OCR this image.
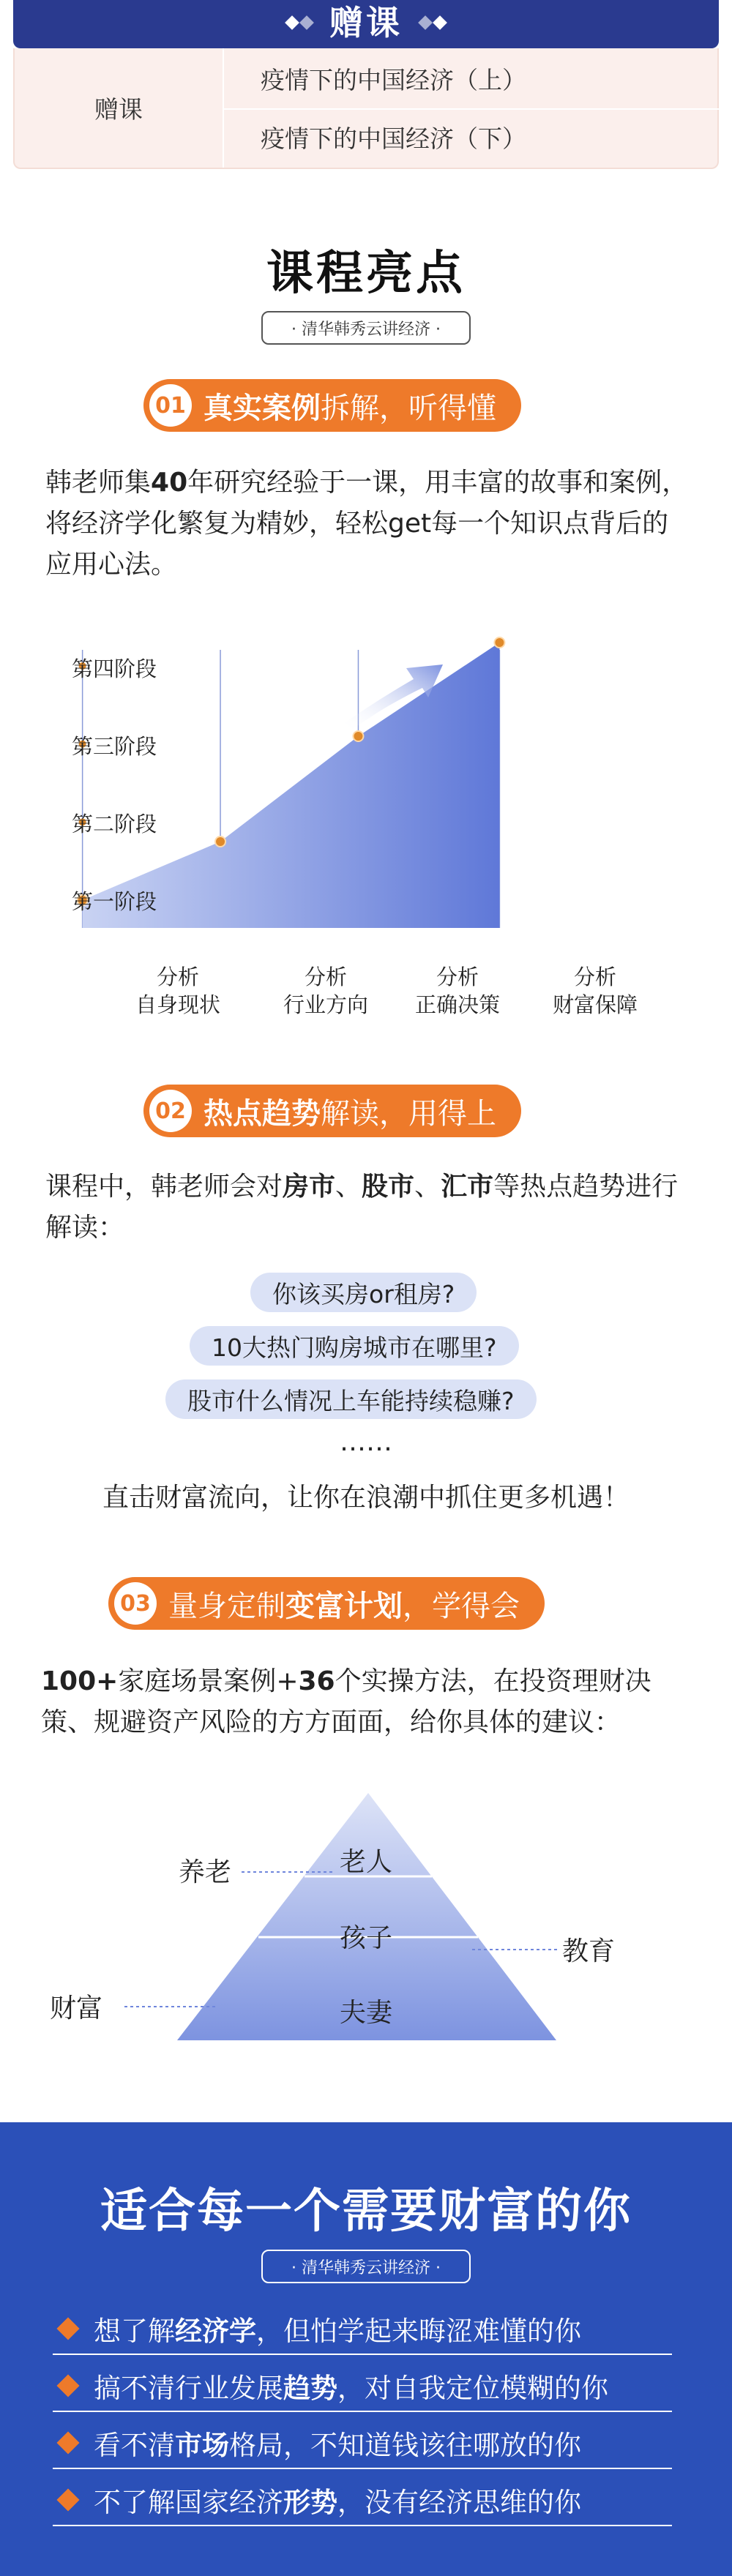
赠课
赠课
疫情下的中国经济（上）
疫情下的中国经济（下）
课程亮点
· 清华韩秀云讲经济 ·
01 真实案例 拆解，听得懂
韩老师集40年研究经验于一课，用丰富的故事和案例，将经济学化繁复为精妙，轻松get每一个知识点背后的应用心法。
第四阶段
第三阶段
第二阶段
第一阶段
分析
自身现状
分析
行业方向
分析
正确决策
分析
财富保障
02 热点趋势 解读，用得上
课程中，韩老师会对房市、股市、汇市等热点趋势进行解读：
你该买房or租房?
10大热门购房城市在哪里?
股市什么情况上车能持续稳赚?
……
直击财富流向，让你在浪潮中抓住更多机遇！
03 量身定制 变富计划 ，学得会
100+家庭场景案例+36个实操方法，在投资理财决策、规避资产风险的方方面面，给你具体的建议：
老人
孩子
夫妻
养老
教育
财富
适合每一个需要财富的你
· 清华韩秀云讲经济 ·
想了解 经济学 ，但怕学起来晦涩难懂的你
搞不清行业发展 趋势 ，对自我定位模糊的你
看不清 市场 格局，不知道钱该往哪放的你
不了解国家经济 形势 ，没有经济思维的你
